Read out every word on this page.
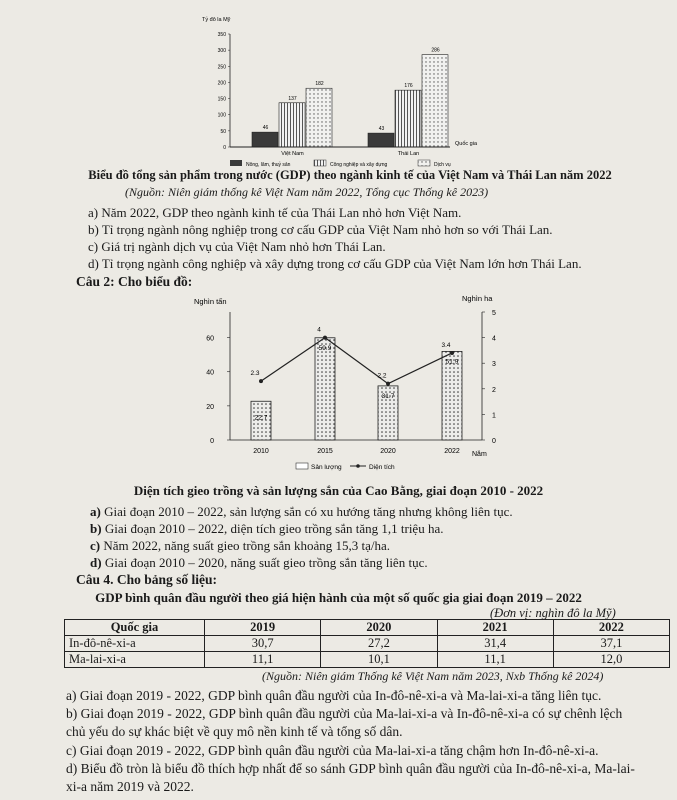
Tỷ đô la Mỹ
0
50
100
150
200
250
300
350
46
137
182
43
176
286
Quốc gia
Việt Nam	Thái Lan
Nông, lâm, thuỷ sản	Công nghiệp và xây dựng	Dịch vụ
Biểu đồ tổng sản phẩm trong nước (GDP) theo ngành kinh tế của Việt Nam và Thái Lan năm 2022
(Nguồn: Niên giám thống kê Việt Nam năm 2022, Tổng cục Thống kê 2023)
a) Năm 2022, GDP theo ngành kinh tế của Thái Lan nhỏ hơn Việt Nam.
b) Tỉ trọng ngành nông nghiệp trong cơ cấu GDP của Việt Nam nhỏ hơn so với Thái Lan.
c) Giá trị ngành dịch vụ của Việt Nam nhỏ hơn Thái Lan.
d) Tỉ trọng ngành công nghiệp và xây dựng trong cơ cấu GDP của Việt Nam lớn hơn Thái Lan.
Câu 2: Cho biểu đồ:
Nghìn tấn	Nghìn ha
0
20
40
60
0
1
2
3
4
5
22.7
59.9
31.7
51.9
2.3
4
2.2
3.4
2010	2015	2020	2022 Năm
Sản lượng	Diện tích
Diện tích gieo trồng và sản lượng sắn của Cao Bằng, giai đoạn 2010 - 2022
a) Giai đoạn 2010 – 2022, sản lượng sắn có xu hướng tăng nhưng không liên tục.
b) Giai đoạn 2010 – 2022, diện tích gieo trồng sắn tăng 1,1 triệu ha.
c) Năm 2022, năng suất gieo trồng sắn khoảng 15,3 tạ/ha.
d) Giai đoạn 2010 – 2020, năng suất gieo trồng sắn tăng liên tục.
Câu 4. Cho bảng số liệu:
GDP bình quân đầu người theo giá hiện hành của một số quốc gia giai đoạn 2019 – 2022
(Đơn vị: nghìn đô la Mỹ)
Quốc gia	2019	2020	2021	2022
In-đô-nê-xi-a	30,7	27,2	31,4	37,1
Ma-lai-xi-a	11,1	10,1	11,1	12,0
(Nguồn: Niên giám Thống kê Việt Nam năm 2023, Nxb Thống kê 2024)
a) Giai đoạn 2019 - 2022, GDP bình quân đầu người của In-đô-nê-xi-a và Ma-lai-xi-a tăng liên tục.
b) Giai đoạn 2019 - 2022, GDP bình quân đầu người của Ma-lai-xi-a và In-đô-nê-xi-a có sự chênh lệch
chủ yếu do sự khác biệt về quy mô nền kinh tế và tổng số dân.
c) Giai đoạn 2019 - 2022, GDP bình quân đầu người của Ma-lai-xi-a tăng chậm hơn In-đô-nê-xi-a.
d) Biểu đồ tròn là biểu đồ thích hợp nhất để so sánh GDP bình quân đầu người của In-đô-nê-xi-a, Ma-lai-
xi-a năm 2019 và 2022.
